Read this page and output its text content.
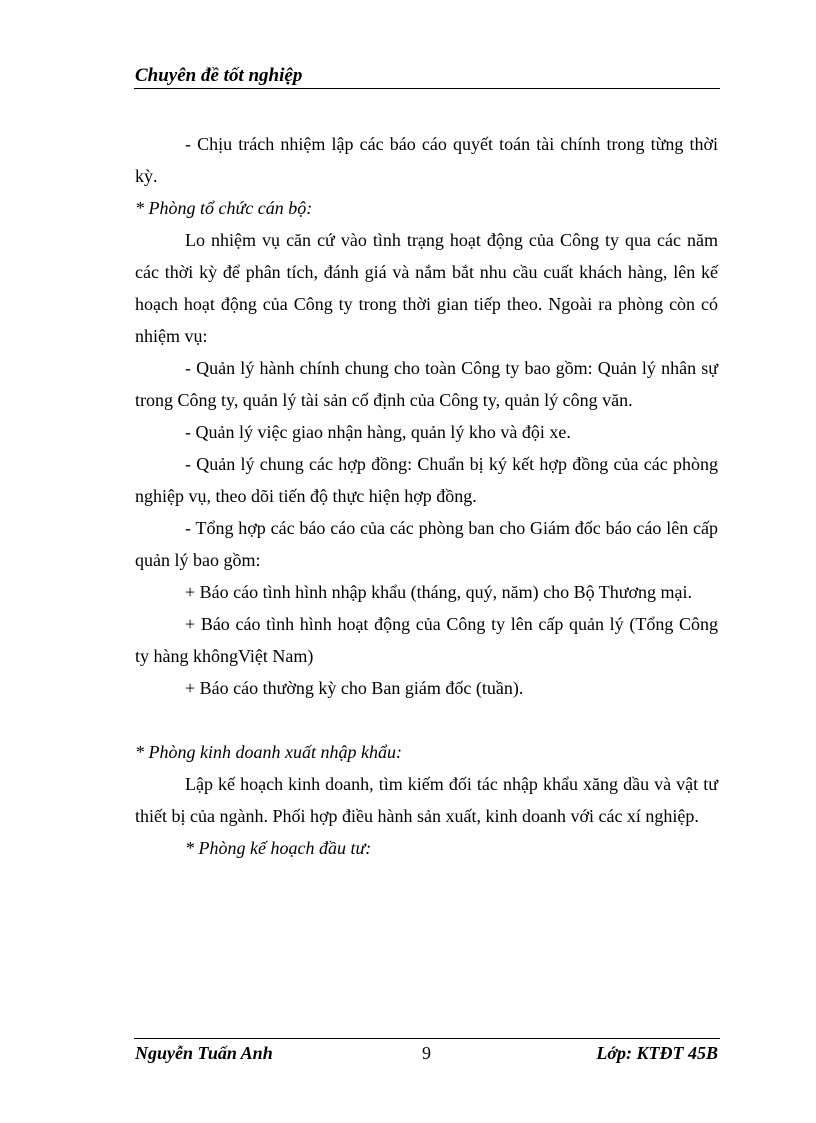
Chuyên đề tốt nghiệp

- Chịu trách nhiệm lập các báo cáo quyết toán tài chính trong từng thời kỳ.

* Phòng tổ chức cán bộ:

Lo nhiệm vụ căn cứ vào tình trạng hoạt động của Công ty qua các năm các thời kỳ để phân tích, đánh giá và nắm bắt nhu cầu cuất khách hàng, lên kế hoạch hoạt động của Công ty trong thời gian tiếp theo. Ngoài ra phòng còn có nhiệm vụ:

- Quản lý hành chính chung cho toàn Công ty bao gồm: Quản lý nhân sự trong Công ty, quản lý tài sản cố định của Công ty, quản lý công văn.

- Quản lý việc giao nhận hàng, quản lý kho và đội xe.

- Quản lý chung các hợp đồng: Chuẩn bị ký kết hợp đồng của các phòng nghiệp vụ, theo dõi tiến độ thực hiện hợp đồng.

- Tổng hợp các báo cáo của các phòng ban cho Giám đốc báo cáo lên cấp quản lý bao gồm:

+ Báo cáo tình hình nhập khẩu (tháng, quý, năm) cho Bộ Thương mại.

+ Báo cáo tình hình hoạt động của Công ty lên cấp quản lý (Tổng Công ty hàng khôngViệt Nam)

+ Báo cáo thường kỳ cho Ban giám đốc (tuần).

* Phòng kinh doanh xuất nhập khẩu:

Lập kế hoạch kinh doanh, tìm kiếm đối tác nhập khẩu xăng dầu và vật tư thiết bị của ngành. Phối hợp điều hành sản xuất, kinh doanh với các xí nghiệp.

* Phòng kế hoạch đầu tư:

Nguyễn Tuấn Anh	9	Lớp: KTĐT 45B
